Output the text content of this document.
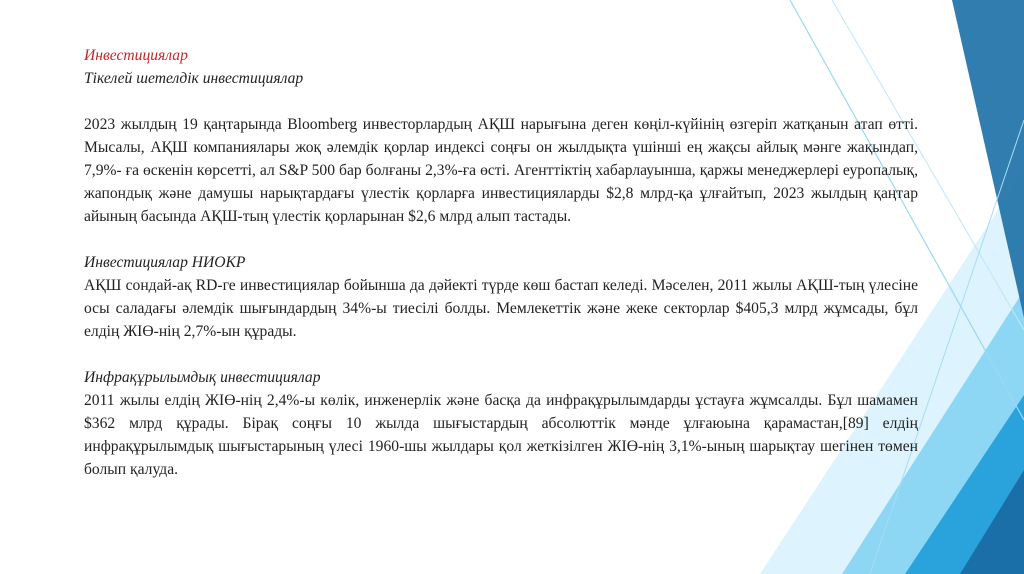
Инвестициялар
Тікелей шетелдік инвестициялар

2023 жылдың 19 қаңтарында Bloomberg инвесторлардың АҚШ нарығына деген көңіл-күйінің өзгеріп жатқанын атап өтті. Мысалы, АҚШ компаниялары жоқ әлемдік қорлар индексі соңғы он жылдықта үшінші ең жақсы айлық мәнге жақындап, 7,9%- ға өскенін көрсетті, ал S&P 500 бар болғаны 2,3%-ға өсті. Агенттіктің хабарлауынша, қаржы менеджерлері еуропалық, жапондық және дамушы нарықтардағы үлестік қорларға инвестицияларды $2,8 млрд-қа ұлғайтып, 2023 жылдың қаңтар айының басында АҚШ-тың үлестік қорларынан $2,6 млрд алып тастады.

Инвестициялар НИОКР

АҚШ сондай-ақ RD-ге инвестициялар бойынша да дәйекті түрде көш бастап келеді. Мәселен, 2011 жылы АҚШ-тың үлесіне осы саладағы әлемдік шығындардың 34%-ы тиесілі болды. Мемлекеттік және жеке секторлар $405,3 млрд жұмсады, бұл елдің ЖІӨ-нің 2,7%-ын құрады.

Инфрақұрылымдық инвестициялар

2011 жылы елдің ЖІӨ-нің 2,4%-ы көлік, инженерлік және басқа да инфрақұрылымдарды ұстауға жұмсалды. Бұл шамамен $362 млрд құрады. Бірақ соңғы 10 жылда шығыстардың абсолюттік мәнде ұлғаюына қарамастан,[89] елдің инфрақұрылымдық шығыстарының үлесі 1960-шы жылдары қол жеткізілген ЖІӨ-нің 3,1%-ының шарықтау шегінен төмен болып қалуда.
